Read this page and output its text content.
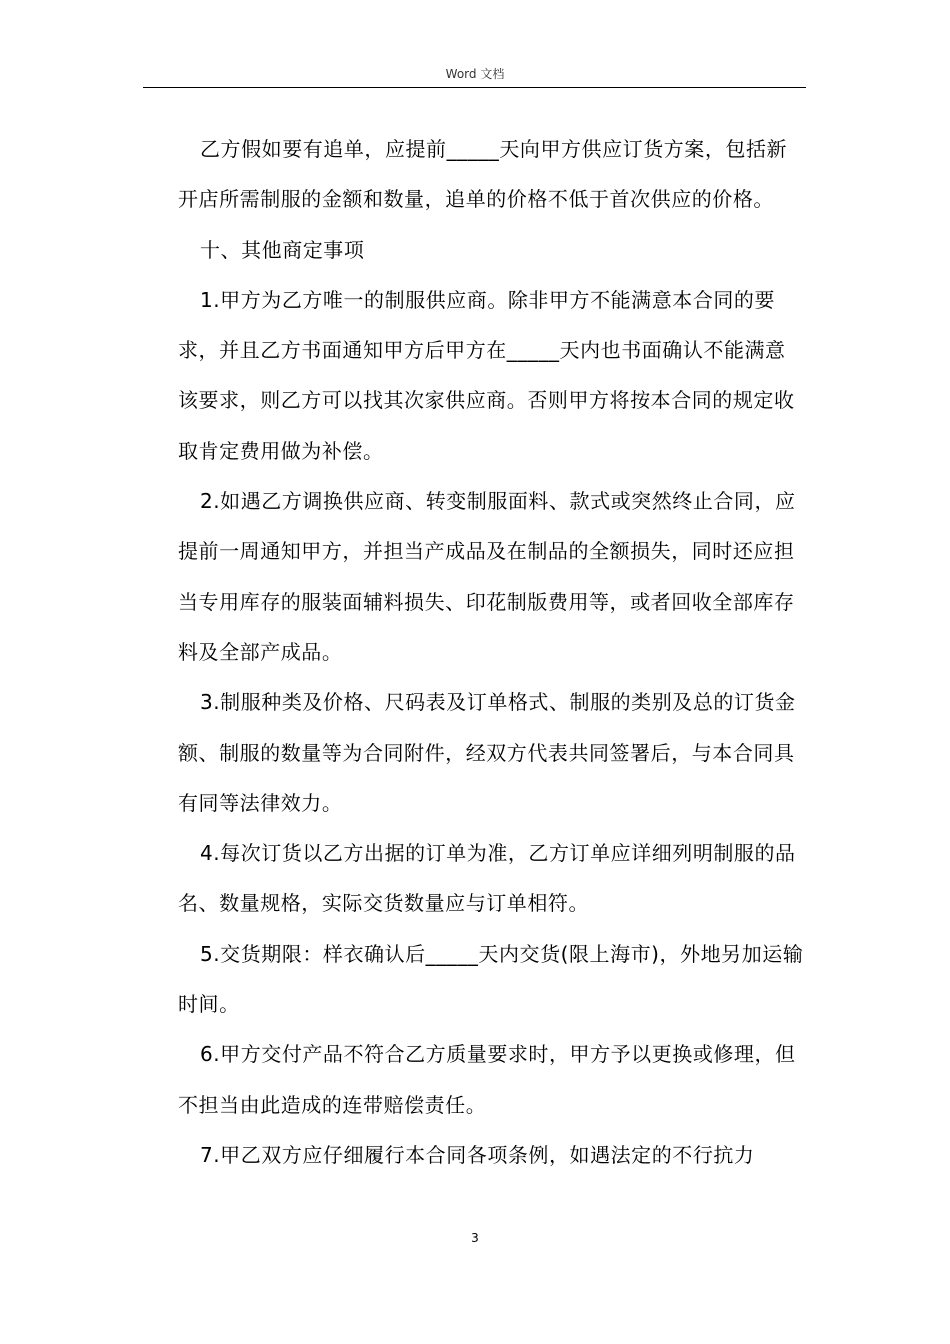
Word 文档

乙方假如要有追单，应提前_____天向甲方供应订货方案，包括新开店所需制服的金额和数量，追单的价格不低于首次供应的价格。

十、其他商定事项

1.甲方为乙方唯一的制服供应商。除非甲方不能满意本合同的要求，并且乙方书面通知甲方后甲方在_____天内也书面确认不能满意该要求，则乙方可以找其次家供应商。否则甲方将按本合同的规定收取肯定费用做为补偿。

2.如遇乙方调换供应商、转变制服面料、款式或突然终止合同，应提前一周通知甲方，并担当产成品及在制品的全额损失，同时还应担当专用库存的服装面辅料损失、印花制版费用等，或者回收全部库存料及全部产成品。

3.制服种类及价格、尺码表及订单格式、制服的类别及总的订货金额、制服的数量等为合同附件，经双方代表共同签署后，与本合同具有同等法律效力。

4.每次订货以乙方出据的订单为准，乙方订单应详细列明制服的品名、数量规格，实际交货数量应与订单相符。

5.交货期限：样衣确认后_____天内交货(限上海市)，外地另加运输时间。

6.甲方交付产品不符合乙方质量要求时，甲方予以更换或修理，但不担当由此造成的连带赔偿责任。

7.甲乙双方应仔细履行本合同各项条例，如遇法定的不行抗力

3
